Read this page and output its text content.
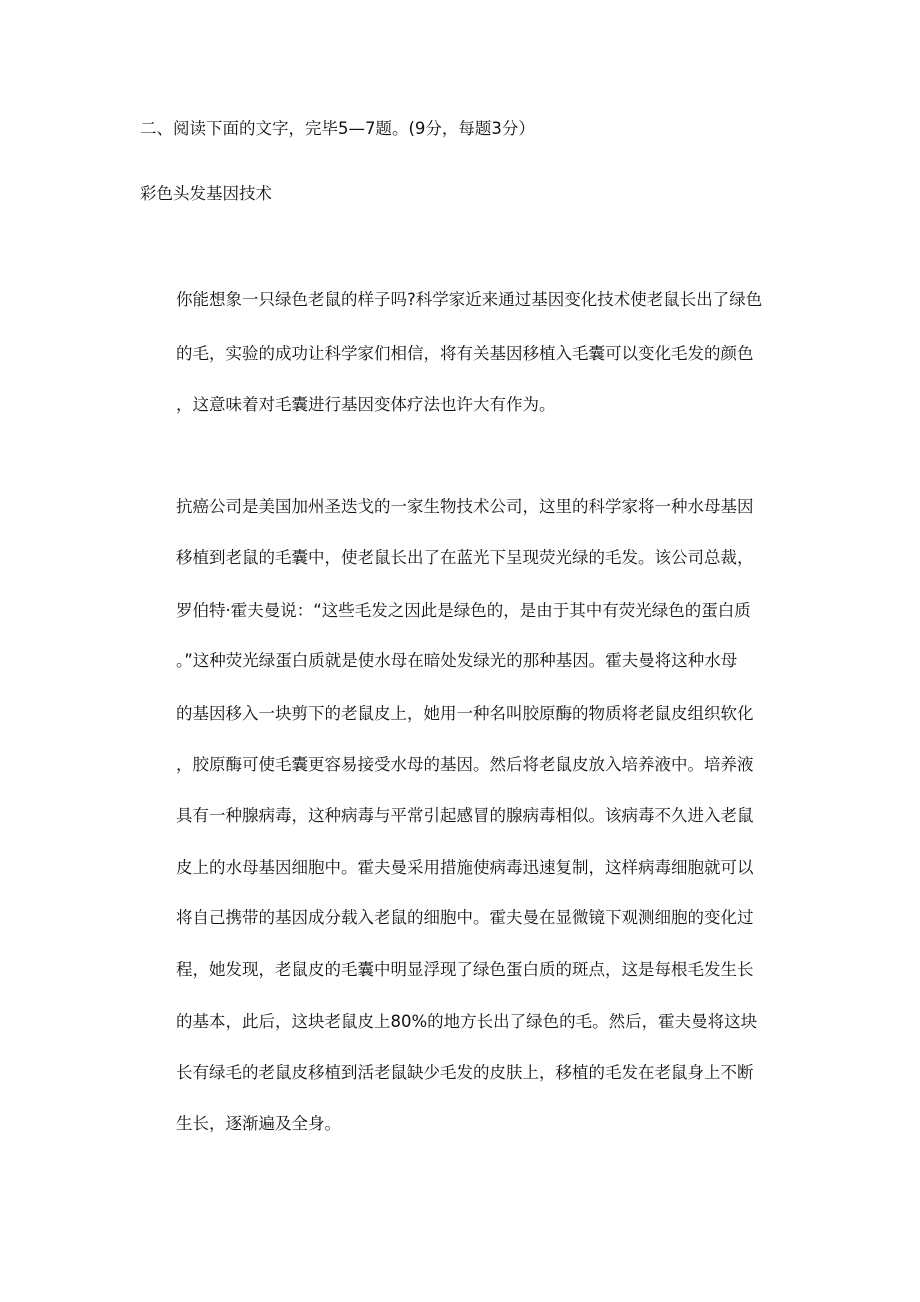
二、阅读下面的文字，完毕5—7题。(9分，每题3分）
彩色头发基因技术
你能想象一只绿色老鼠的样子吗?科学家近来通过基因变化技术使老鼠长出了绿色
的毛，实验的成功让科学家们相信，将有关基因移植入毛囊可以变化毛发的颜色
，这意味着对毛囊进行基因变体疗法也许大有作为。
抗癌公司是美国加州圣迭戈的一家生物技术公司，这里的科学家将一种水母基因
移植到老鼠的毛囊中，使老鼠长出了在蓝光下呈现荧光绿的毛发。该公司总裁，
罗伯特·霍夫曼说：“这些毛发之因此是绿色的，是由于其中有荧光绿色的蛋白质
。”这种荧光绿蛋白质就是使水母在暗处发绿光的那种基因。霍夫曼将这种水母
的基因移入一块剪下的老鼠皮上，她用一种名叫胶原酶的物质将老鼠皮组织软化
，胶原酶可使毛囊更容易接受水母的基因。然后将老鼠皮放入培养液中。培养液
具有一种腺病毒，这种病毒与平常引起感冒的腺病毒相似。该病毒不久进入老鼠
皮上的水母基因细胞中。霍夫曼采用措施使病毒迅速复制，这样病毒细胞就可以
将自己携带的基因成分载入老鼠的细胞中。霍夫曼在显微镜下观测细胞的变化过
程，她发现，老鼠皮的毛囊中明显浮现了绿色蛋白质的斑点，这是每根毛发生长
的基本，此后，这块老鼠皮上80%的地方长出了绿色的毛。然后，霍夫曼将这块
长有绿毛的老鼠皮移植到活老鼠缺少毛发的皮肤上，移植的毛发在老鼠身上不断
生长，逐渐遍及全身。
